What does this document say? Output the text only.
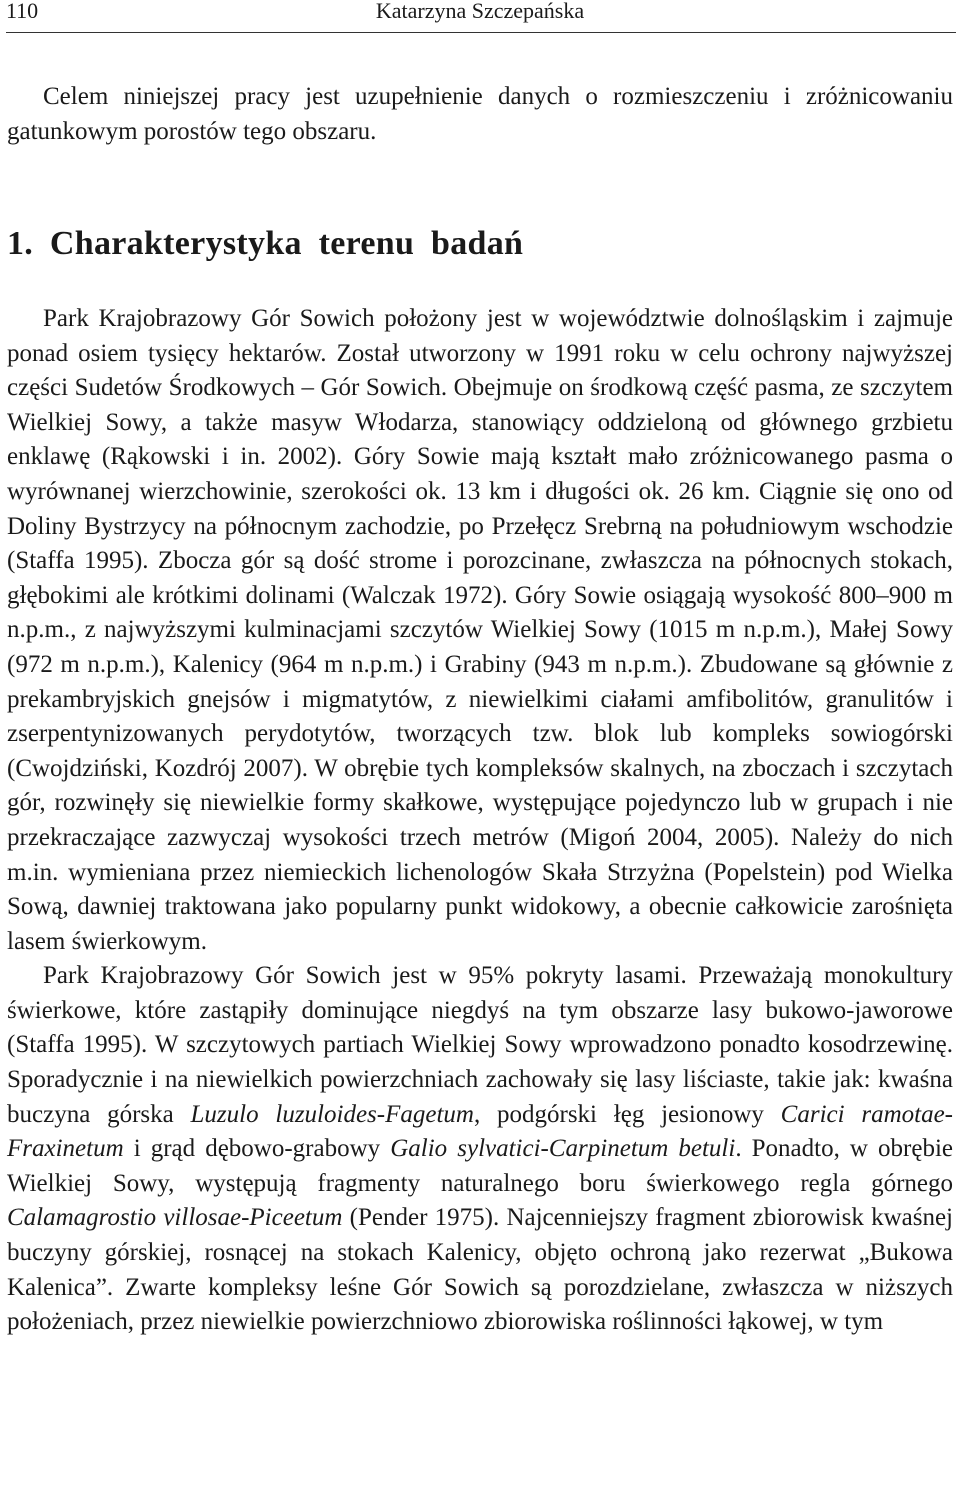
110	Katarzyna Szczepańska

Celem niniejszej pracy jest uzupełnienie danych o rozmieszczeniu i zróżnicowaniu gatunkowym porostów tego obszaru.

1. Charakterystyka terenu badań

Park Krajobrazowy Gór Sowich położony jest w województwie dolnośląskim i zajmuje ponad osiem tysięcy hektarów. Został utworzony w 1991 roku w celu ochrony najwyższej części Sudetów Środkowych – Gór Sowich. Obejmuje on środkową część pasma, ze szczytem Wielkiej Sowy, a także masyw Włodarza, stanowiący oddzieloną od głównego grzbietu enklawę (Rąkowski i in. 2002). Góry Sowie mają kształt mało zróżnicowanego pasma o wyrównanej wierzchowinie, szerokości ok. 13 km i długości ok. 26 km. Ciągnie się ono od Doliny Bystrzycy na północnym zachodzie, po Przełęcz Srebrną na południowym wschodzie (Staffa 1995). Zbocza gór są dość strome i porozcinane, zwłaszcza na północnych stokach, głębokimi ale krótkimi dolinami (Walczak 1972). Góry Sowie osiągają wysokość 800–900 m n.p.m., z najwyższymi kulminacjami szczytów Wielkiej Sowy (1015 m n.p.m.), Małej Sowy (972 m n.p.m.), Kalenicy (964 m n.p.m.) i Grabiny (943 m n.p.m.). Zbudowane są głównie z prekambryjskich gnejsów i migmatytów, z niewielkimi ciałami amfibolitów, granulitów i zserpentynizowanych perydotytów, tworzących tzw. blok lub kompleks sowiogórski (Cwojdziński, Kozdrój 2007). W obrębie tych kompleksów skalnych, na zboczach i szczytach gór, rozwinęły się niewielkie formy skałkowe, występujące pojedynczo lub w grupach i nie przekraczające zazwyczaj wysokości trzech metrów (Migoń 2004, 2005). Należy do nich m.in. wymieniana przez niemieckich lichenologów Skała Strzyżna (Popelstein) pod Wielka Sową, dawniej traktowana jako popularny punkt widokowy, a obecnie całkowicie zarośnięta lasem świerkowym.

Park Krajobrazowy Gór Sowich jest w 95% pokryty lasami. Przeważają monokultury świerkowe, które zastąpiły dominujące niegdyś na tym obszarze lasy bukowo-jaworowe (Staffa 1995). W szczytowych partiach Wielkiej Sowy wprowadzono ponadto kosodrzewinę. Sporadycznie i na niewielkich powierzchniach zachowały się lasy liściaste, takie jak: kwaśna buczyna górska Luzulo luzuloides-Fagetum, podgórski łęg jesionowy Carici ramotae-Fraxinetum i grąd dębowo-grabowy Galio sylvatici-Carpinetum betuli. Ponadto, w obrębie Wielkiej Sowy, występują fragmenty naturalnego boru świerkowego regla górnego Calamagrostio villosae-Piceetum (Pender 1975). Najcenniejszy fragment zbiorowisk kwaśnej buczyny górskiej, rosnącej na stokach Kalenicy, objęto ochroną jako rezerwat „Bukowa Kalenica”. Zwarte kompleksy leśne Gór Sowich są porozdzielane, zwłaszcza w niższych położeniach, przez niewielkie powierzchniowo zbiorowiska roślinności łąkowej, w tym
